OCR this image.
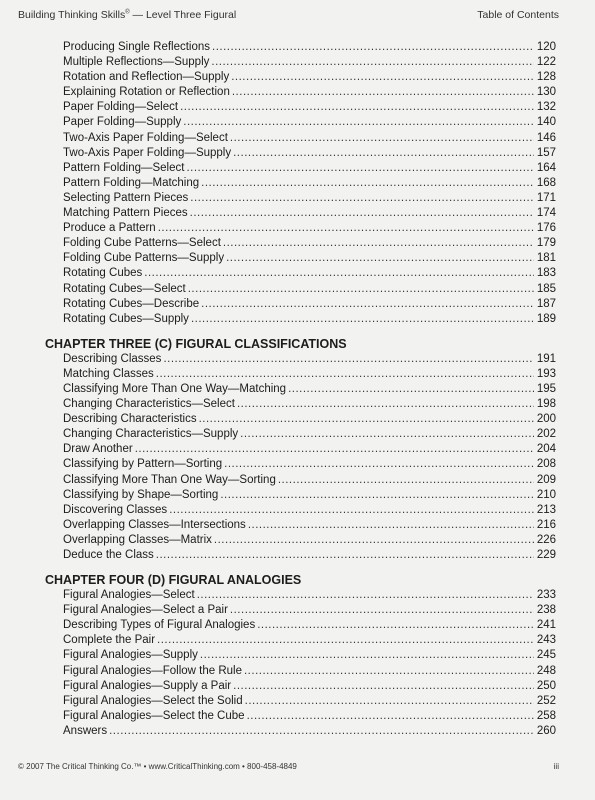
Building Thinking Skills® — Level Three Figural	Table of Contents
Producing Single Reflections .....	120
Multiple Reflections—Supply .....	122
Rotation and Reflection—Supply .....	128
Explaining Rotation or Reflection .....	130
Paper Folding—Select .....	132
Paper Folding—Supply .....	140
Two-Axis Paper Folding—Select .....	146
Two-Axis Paper Folding—Supply .....	157
Pattern Folding—Select .....	164
Pattern Folding—Matching .....	168
Selecting Pattern Pieces .....	171
Matching Pattern Pieces .....	174
Produce a Pattern .....	176
Folding Cube Patterns—Select .....	179
Folding Cube Patterns—Supply .....	181
Rotating Cubes .....	183
Rotating Cubes—Select .....	185
Rotating Cubes—Describe .....	187
Rotating Cubes—Supply .....	189
CHAPTER THREE (C) FIGURAL CLASSIFICATIONS
Describing Classes .....	191
Matching Classes .....	193
Classifying More Than One Way—Matching .....	195
Changing Characteristics—Select .....	198
Describing Characteristics .....	200
Changing Characteristics—Supply .....	202
Draw Another .....	204
Classifying by Pattern—Sorting .....	208
Classifying More Than One Way—Sorting .....	209
Classifying by Shape—Sorting .....	210
Discovering Classes .....	213
Overlapping Classes—Intersections .....	216
Overlapping Classes—Matrix .....	226
Deduce the Class .....	229
CHAPTER FOUR (D) FIGURAL ANALOGIES
Figural Analogies—Select .....	233
Figural Analogies—Select a Pair .....	238
Describing Types of Figural Analogies .....	241
Complete the Pair .....	243
Figural Analogies—Supply .....	245
Figural Analogies—Follow the Rule .....	248
Figural Analogies—Supply a Pair .....	250
Figural Analogies—Select the Solid .....	252
Figural Analogies—Select the Cube .....	258
Answers .....	260
© 2007 The Critical Thinking Co.™ • www.CriticalThinking.com • 800-458-4849	iii
